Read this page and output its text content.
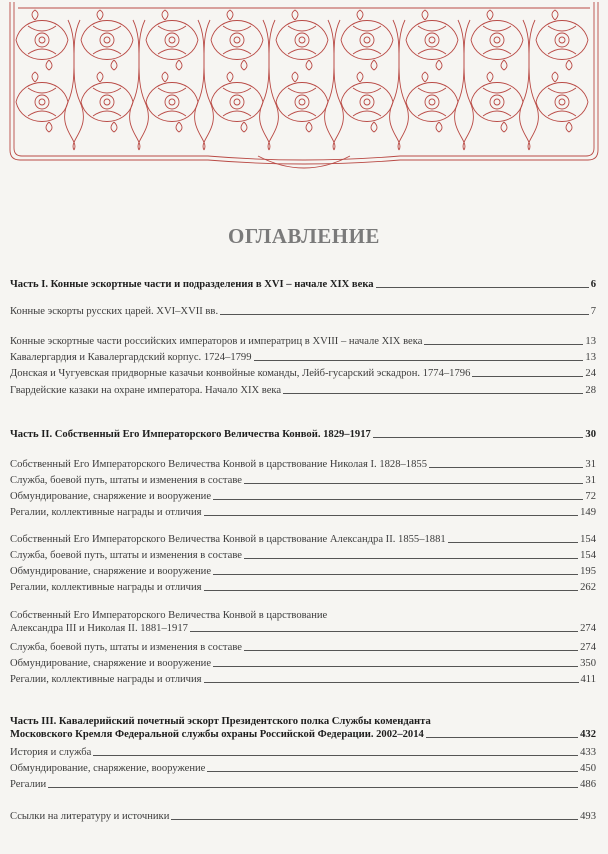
ОГЛАВЛЕНИЕ
Часть I. Конные эскортные части и подразделения в XVI – начале XIX века	6
Конные эскорты русских царей. XVI–XVII вв.	7
Конные эскортные части российских императоров и императриц в XVIII – начале XIX века	13
Кавалергардия и Кавалергардский корпус. 1724–1799	13
Донская и Чугуевская придворные казачьи конвойные команды, Лейб-гусарский эскадрон. 1774–1796	24
Гвардейские казаки на охране императора. Начало XIX века	28
Часть II. Собственный Его Императорского Величества Конвой. 1829–1917	30
Собственный Его Императорского Величества Конвой в царствование Николая I. 1828–1855	31
Служба, боевой путь, штаты и изменения в составе	31
Обмундирование, снаряжение и вооружение	72
Регалии, коллективные награды и отличия	149
Собственный Его Императорского Величества Конвой в царствование Александра II. 1855–1881	154
Служба, боевой путь, штаты и изменения в составе	154
Обмундирование, снаряжение и вооружение	195
Регалии, коллективные награды и отличия	262
Собственный Его Императорского Величества Конвой в царствование
Александра III и Николая II. 1881–1917	274
Служба, боевой путь, штаты и изменения в составе	274
Обмундирование, снаряжение и вооружение	350
Регалии, коллективные награды и отличия	411
Часть III. Кавалерийский почетный эскорт Президентского полка Службы коменданта
Московского Кремля Федеральной службы охраны Российской Федерации. 2002–2014	432
История и служба	433
Обмундирование, снаряжение, вооружение	450
Регалии	486
Ссылки на литературу и источники	493
